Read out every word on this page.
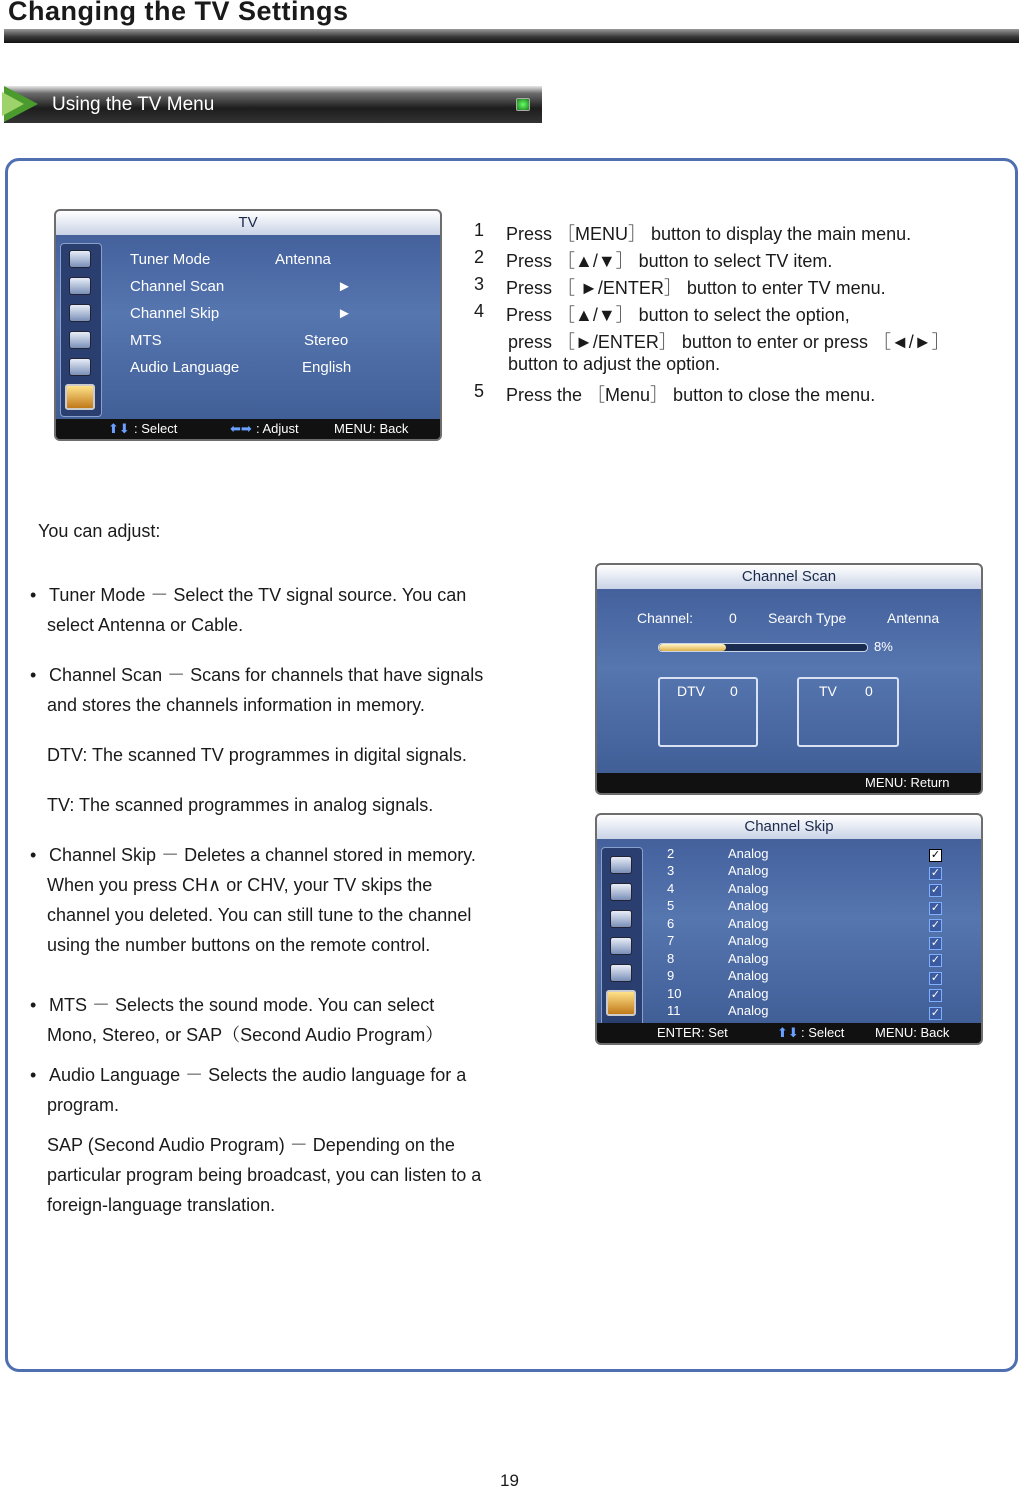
Changing the TV Settings
Using the TV Menu
TV
Tuner Mode	Antenna
Channel Scan	►
Channel Skip	►
MTS	Stereo
Audio Language	English
⬆⬇ : Select	⬅➡ : Adjust	MENU: Back
1 Press ［MENU］ button to display the main menu.
2 Press ［▲/▼］ button to select TV item.
3 Press ［ ►/ENTER］ button to enter TV menu.
4 Press ［▲/▼］ button to select the option,
press ［►/ENTER］ button to enter or press ［◄/►］
button to adjust the option.
5 Press the ［Menu］ button to close the menu.
You can adjust:
• Tuner Mode － Select the TV signal source. You can
select Antenna or Cable.
• Channel Scan － Scans for channels that have signals
and stores the channels information in memory.
DTV: The scanned TV programmes in digital signals.
TV: The scanned programmes in analog signals.
• Channel Skip － Deletes a channel stored in memory.
When you press CH∧ or CHV, your TV skips the
channel you deleted. You can still tune to the channel
using the number buttons on the remote control.
• MTS － Selects the sound mode. You can select
Mono, Stereo, or SAP（Second Audio Program）
• Audio Language － Selects the audio language for a
program.
SAP (Second Audio Program) － Depending on the
particular program being broadcast, you can listen to a
foreign-language translation.
Channel Scan
Channel:	0 Search Type	Antenna
8%
DTV 0	TV 0
MENU: Return
Channel Skip
2	Analog	✓
3	Analog	✓
4	Analog	✓
5	Analog	✓
6	Analog	✓
7	Analog	✓
8	Analog	✓
9	Analog	✓
10	Analog	✓
11	Analog	✓
ENTER: Set	⬆⬇ : Select MENU: Back
19
